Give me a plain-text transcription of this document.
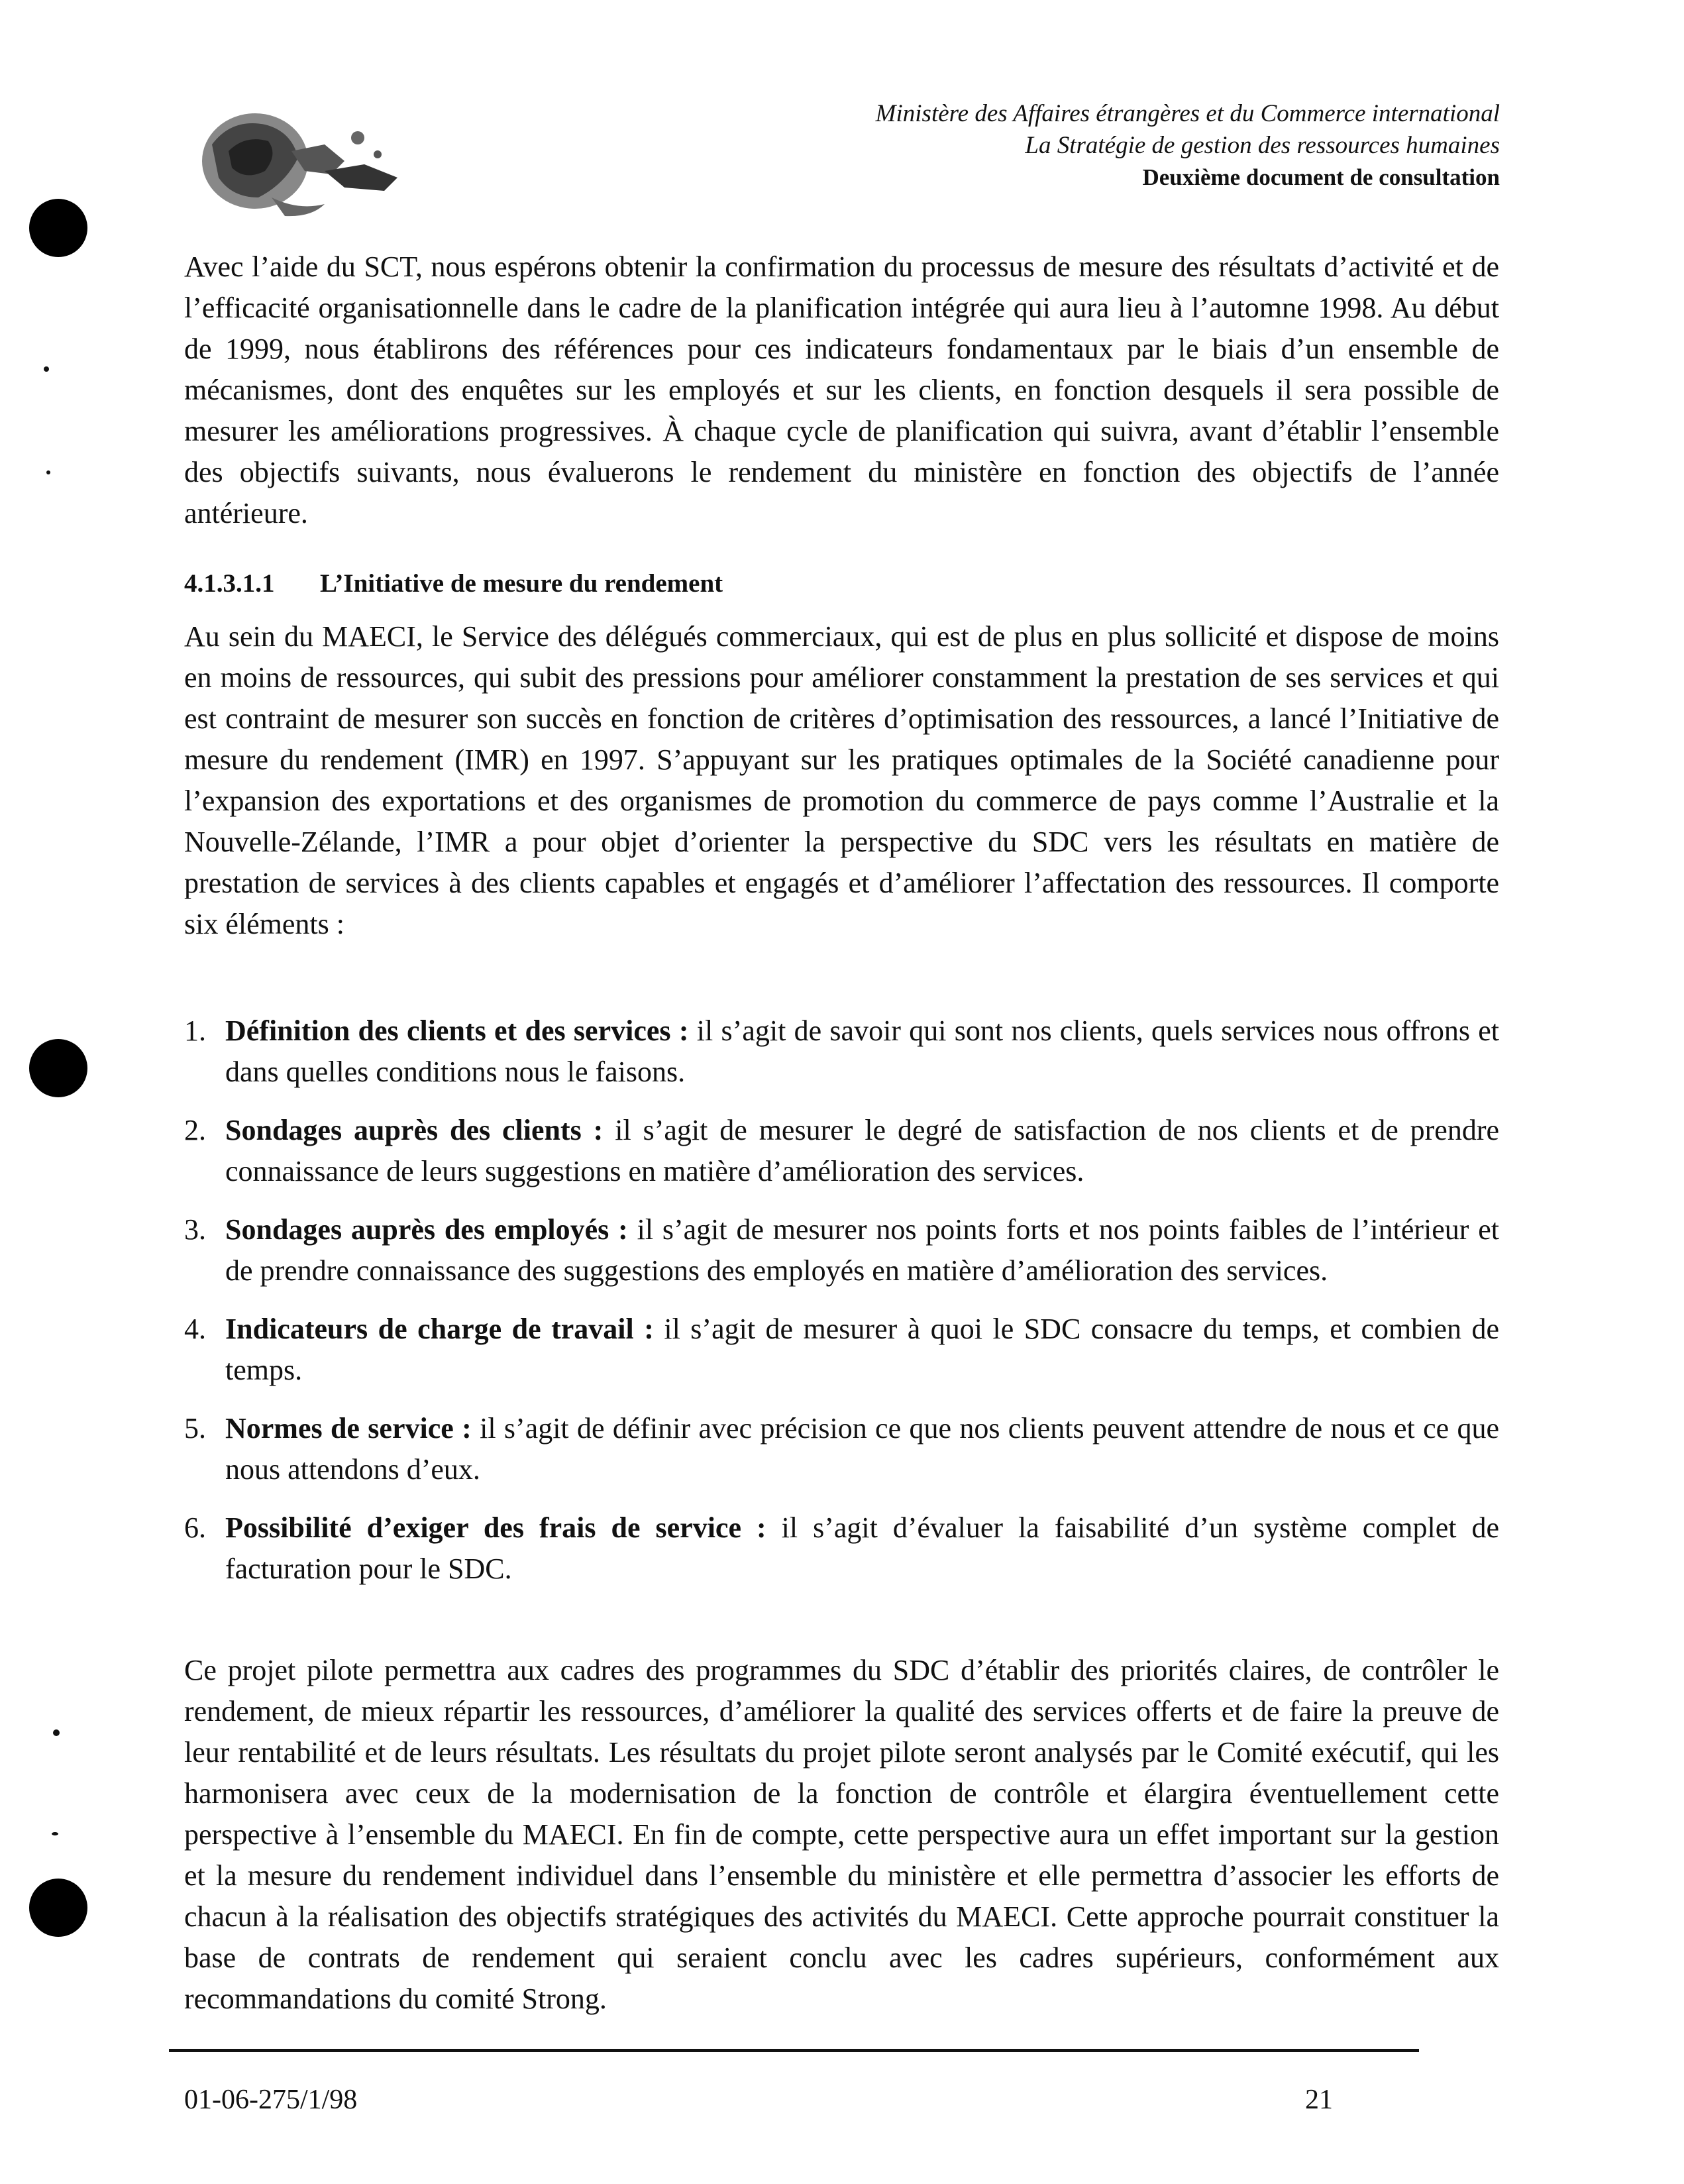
Ministère des Affaires étrangères et du Commerce international
La Stratégie de gestion des ressources humaines
Deuxième document de consultation

Avec l’aide du SCT, nous espérons obtenir la confirmation du processus de mesure des résultats d’activité et de l’efficacité organisationnelle dans le cadre de la planification intégrée qui aura lieu à l’automne 1998. Au début de 1999, nous établirons des références pour ces indicateurs fondamentaux par le biais d’un ensemble de mécanismes, dont des enquêtes sur les employés et sur les clients, en fonction desquels il sera possible de mesurer les améliorations progressives. À chaque cycle de planification qui suivra, avant d’établir l’ensemble des objectifs suivants, nous évaluerons le rendement du ministère en fonction des objectifs de l’année antérieure.

4.1.3.1.1 L’Initiative de mesure du rendement

Au sein du MAECI, le Service des délégués commerciaux, qui est de plus en plus sollicité et dispose de moins en moins de ressources, qui subit des pressions pour améliorer constamment la prestation de ses services et qui est contraint de mesurer son succès en fonction de critères d’optimisation des ressources, a lancé l’Initiative de mesure du rendement (IMR) en 1997. S’appuyant sur les pratiques optimales de la Société canadienne pour l’expansion des exportations et des organismes de promotion du commerce de pays comme l’Australie et la Nouvelle-Zélande, l’IMR a pour objet d’orienter la perspective du SDC vers les résultats en matière de prestation de services à des clients capables et engagés et d’améliorer l’affectation des ressources. Il comporte six éléments :

1. Définition des clients et des services : il s’agit de savoir qui sont nos clients, quels services nous offrons et dans quelles conditions nous le faisons.
2. Sondages auprès des clients : il s’agit de mesurer le degré de satisfaction de nos clients et de prendre connaissance de leurs suggestions en matière d’amélioration des services.
3. Sondages auprès des employés : il s’agit de mesurer nos points forts et nos points faibles de l’intérieur et de prendre connaissance des suggestions des employés en matière d’amélioration des services.
4. Indicateurs de charge de travail : il s’agit de mesurer à quoi le SDC consacre du temps, et combien de temps.
5. Normes de service : il s’agit de définir avec précision ce que nos clients peuvent attendre de nous et ce que nous attendons d’eux.
6. Possibilité d’exiger des frais de service : il s’agit d’évaluer la faisabilité d’un système complet de facturation pour le SDC.

Ce projet pilote permettra aux cadres des programmes du SDC d’établir des priorités claires, de contrôler le rendement, de mieux répartir les ressources, d’améliorer la qualité des services offerts et de faire la preuve de leur rentabilité et de leurs résultats. Les résultats du projet pilote seront analysés par le Comité exécutif, qui les harmonisera avec ceux de la modernisation de la fonction de contrôle et élargira éventuellement cette perspective à l’ensemble du MAECI. En fin de compte, cette perspective aura un effet important sur la gestion et la mesure du rendement individuel dans l’ensemble du ministère et elle permettra d’associer les efforts de chacun à la réalisation des objectifs stratégiques des activités du MAECI. Cette approche pourrait constituer la base de contrats de rendement qui seraient conclu avec les cadres supérieurs, conformément aux recommandations du comité Strong.

01-06-275/1/98	21
